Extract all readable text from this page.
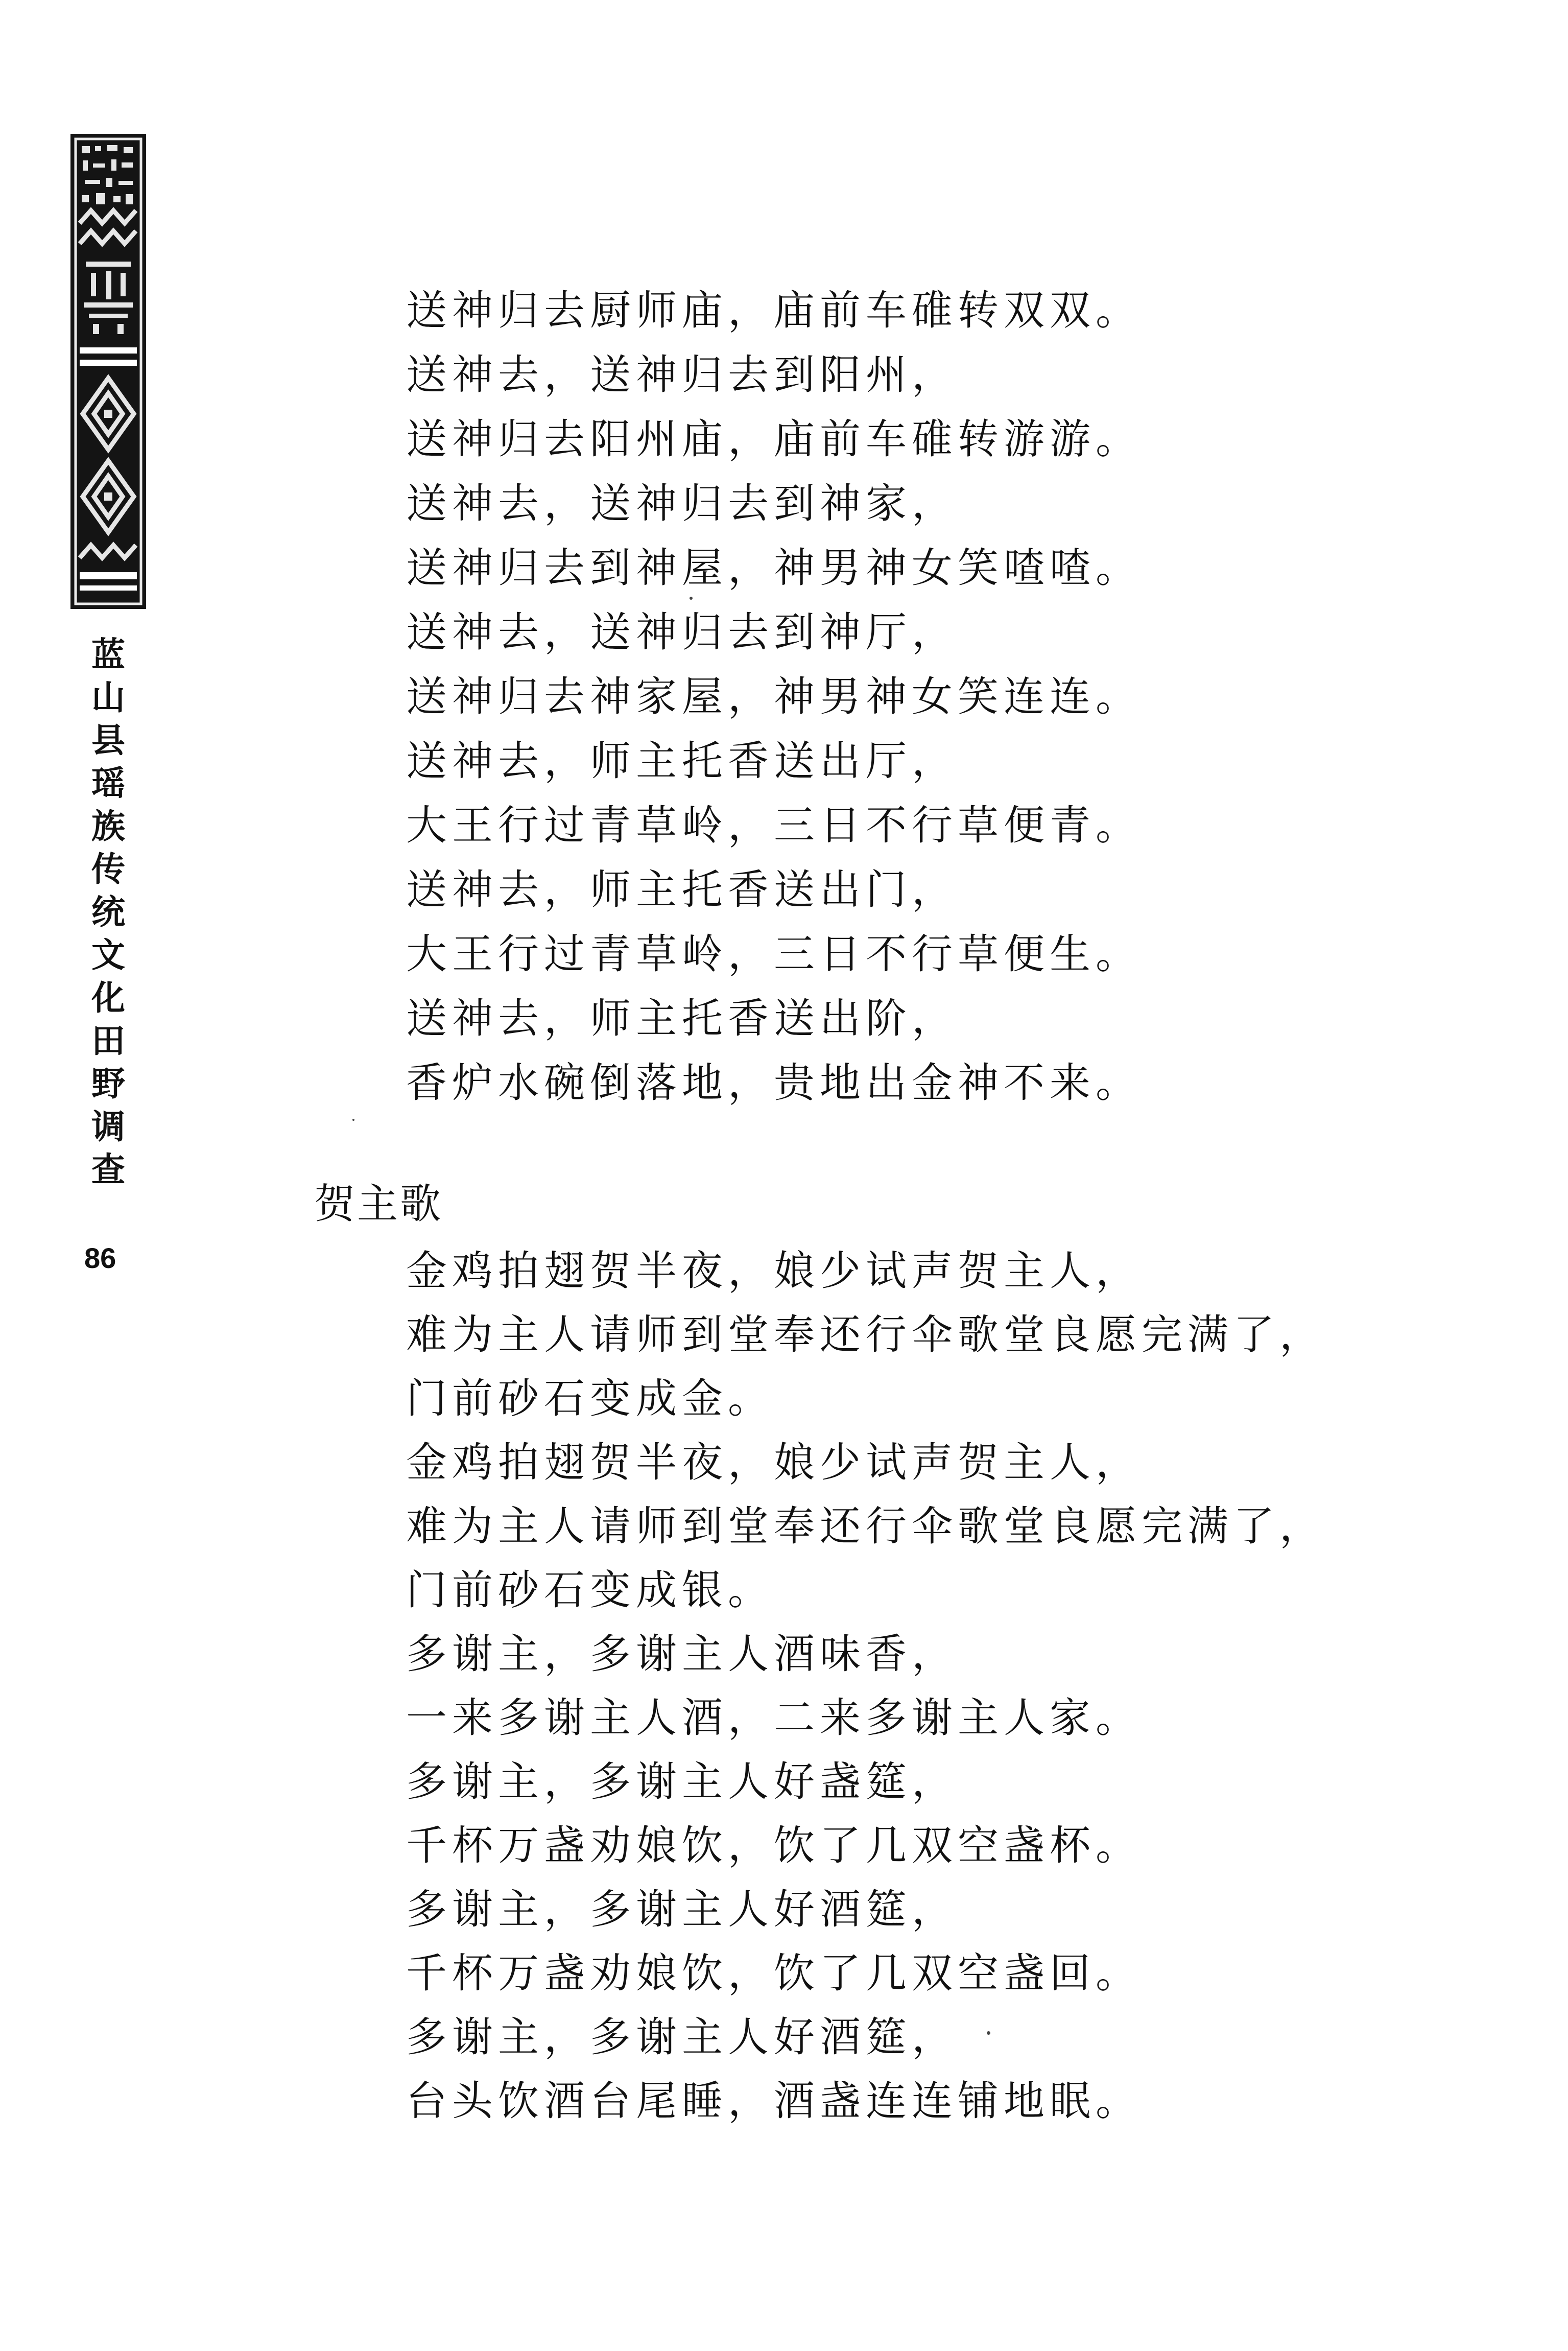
蓝
山
县
瑶
族
传
统
文
化
田
野
调
查
86
送神归去厨师庙，庙前车碓转双双。
送神去，送神归去到阳州，
送神归去阳州庙，庙前车碓转游游。
送神去，送神归去到神家，
送神归去到神屋，神男神女笑喳喳。
送神去，送神归去到神厅，
送神归去神家屋，神男神女笑连连。
送神去，师主托香送出厅，
大王行过青草岭，三日不行草便青。
送神去，师主托香送出门，
大王行过青草岭，三日不行草便生。
送神去，师主托香送出阶，
香炉水碗倒落地，贵地出金神不来。
贺主歌
金鸡拍翅贺半夜，娘少试声贺主人，
难为主人请师到堂奉还行伞歌堂良愿完满了，
门前砂石变成金。
金鸡拍翅贺半夜，娘少试声贺主人，
难为主人请师到堂奉还行伞歌堂良愿完满了，
门前砂石变成银。
多谢主，多谢主人酒味香，
一来多谢主人酒，二来多谢主人家。
多谢主，多谢主人好盏筵，
千杯万盏劝娘饮，饮了几双空盏杯。
多谢主，多谢主人好酒筵，
千杯万盏劝娘饮，饮了几双空盏回。
多谢主，多谢主人好酒筵，
台头饮酒台尾睡，酒盏连连铺地眠。
